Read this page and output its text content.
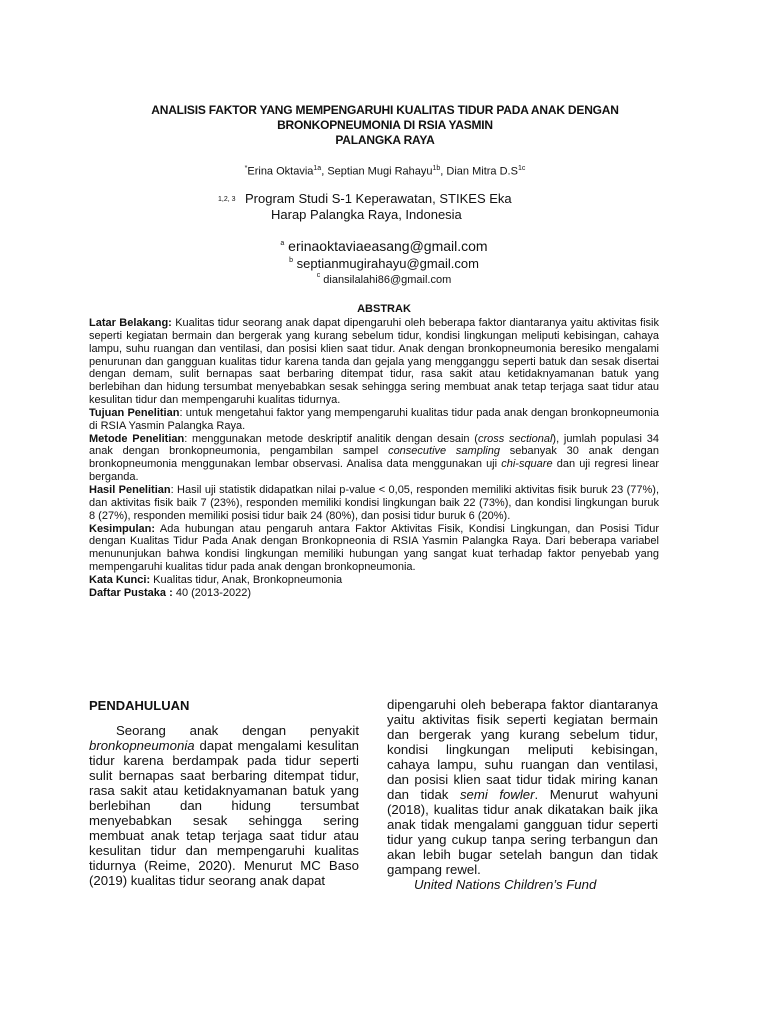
ANALISIS FAKTOR YANG MEMPENGARUHI KUALITAS TIDUR PADA ANAK DENGAN
BRONKOPNEUMONIA DI RSIA YASMIN
PALANGKA RAYA
*Erina Oktavia$^{1a}$, Septian Mugi Rahayu$^{1b}$, Dian Mitra $D.S^{1c}$
1,2, 3 Program Studi S-1 Keperawatan, STIKES Eka
Harap Palangka Raya, Indonesia
$^a$ erinaoktaviaeasang@gmail.com
$^b$ septianmugirahayu@gmail.com
$^c$ diansilalahi86@gmail.com
ABSTRAK

Latar Belakang: Kualitas tidur seorang anak dapat dipengaruhi oleh beberapa faktor diantaranya yaitu aktivitas fisik seperti kegiatan bermain dan bergerak yang kurang sebelum tidur, kondisi lingkungan meliputi kebisingan, cahaya lampu, suhu ruangan dan ventilasi, dan posisi klien saat tidur. Anak dengan bronkopneumonia beresiko mengalami penurunan dan gangguan kualitas tidur karena tanda dan gejala yang mengganggu seperti batuk dan sesak disertai dengan demam, sulit bernapas saat berbaring ditempat tidur, rasa sakit atau ketidaknyamanan batuk yang berlebihan dan hidung tersumbat menyebabkan sesak sehingga sering membuat anak tetap terjaga saat tidur atau kesulitan tidur dan mempengaruhi kualitas tidurnya.

Tujuan Penelitian: untuk mengetahui faktor yang mempengaruhi kualitas tidur pada anak dengan bronkopneumonia di RSIA Yasmin Palangka Raya.

Metode Penelitian: menggunakan metode deskriptif analitik dengan desain (cross sectional), jumlah populasi 34 anak dengan bronkopneumonia, pengambilan sampel consecutive sampling sebanyak 30 anak dengan bronkopneumonia menggunakan lembar observasi. Analisa data menggunakan uji chi-square dan uji regresi linear berganda.

Hasil Penelitian: Hasil uji statistik didapatkan nilai p-value < 0,05, responden memiliki aktivitas fisik buruk 23 (77%), dan aktivitas fisik baik 7 (23%), responden memiliki kondisi lingkungan baik 22 (73%), dan kondisi lingkungan buruk 8 (27%), responden memiliki posisi tidur baik 24 (80%), dan posisi tidur buruk 6 (20%).

Kesimpulan: Ada hubungan atau pengaruh antara Faktor Aktivitas Fisik, Kondisi Lingkungan, dan Posisi Tidur dengan Kualitas Tidur Pada Anak dengan Bronkopneonia di RSIA Yasmin Palangka Raya. Dari beberapa variabel menununjukan bahwa kondisi lingkungan memiliki hubungan yang sangat kuat terhadap faktor penyebab yang mempengaruhi kualitas tidur pada anak dengan bronkopneumonia.

Kata Kunci: Kualitas tidur, Anak, Bronkopneumonia

Daftar Pustaka : 40 (2013-2022)

PENDAHULUAN

Seorang anak dengan penyakit bronkopneumonia dapat mengalami kesulitan tidur karena berdampak pada tidur seperti sulit bernapas saat berbaring ditempat tidur, rasa sakit atau ketidaknyamanan batuk yang berlebihan dan hidung tersumbat menyebabkan sesak sehingga sering membuat anak tetap terjaga saat tidur atau kesulitan tidur dan mempengaruhi kualitas tidurnya (Reime, 2020). Menurut MC Baso (2019) kualitas tidur seorang anak dapat

dipengaruhi oleh beberapa faktor diantaranya yaitu aktivitas fisik seperti kegiatan bermain dan bergerak yang kurang sebelum tidur, kondisi lingkungan meliputi kebisingan, cahaya lampu, suhu ruangan dan ventilasi, dan posisi klien saat tidur tidak miring kanan dan tidak semi fowler. Menurut wahyuni (2018), kualitas tidur anak dikatakan baik jika anak tidak mengalami gangguan tidur seperti tidur yang cukup tanpa sering terbangun dan akan lebih bugar setelah bangun dan tidak gampang rewel.

United Nations Children’s Fund
